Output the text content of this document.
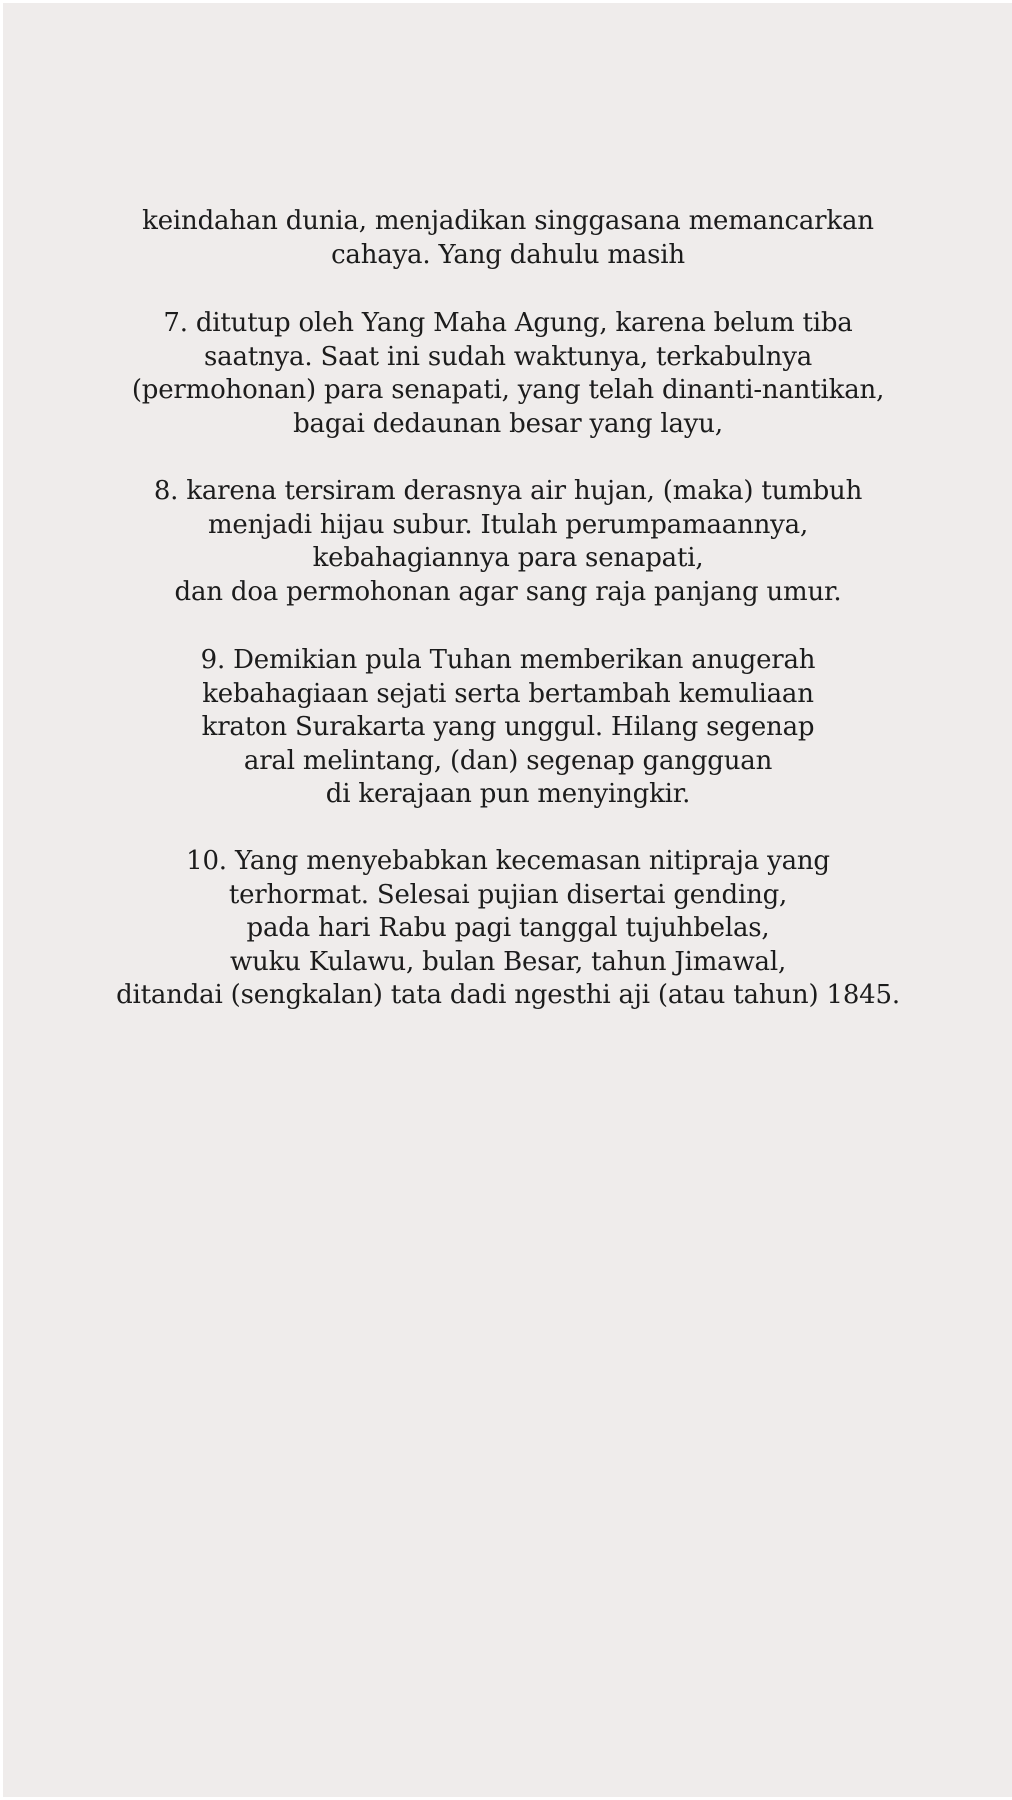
keindahan dunia, menjadikan singgasana memancarkan
cahaya. Yang dahulu masih

7. ditutup oleh Yang Maha Agung, karena belum tiba
saatnya. Saat ini sudah waktunya, terkabulnya
(permohonan) para senapati, yang telah dinanti-nantikan,
bagai dedaunan besar yang layu,

8. karena tersiram derasnya air hujan, (maka) tumbuh
menjadi hijau subur. Itulah perumpamaannya,
kebahagiannya para senapati,
dan doa permohonan agar sang raja panjang umur.

9. Demikian pula Tuhan memberikan anugerah
kebahagiaan sejati serta bertambah kemuliaan
kraton Surakarta yang unggul. Hilang segenap
aral melintang, (dan) segenap gangguan
di kerajaan pun menyingkir.

10. Yang menyebabkan kecemasan nitipraja yang
terhormat. Selesai pujian disertai gending,
pada hari Rabu pagi tanggal tujuhbelas,
wuku Kulawu, bulan Besar, tahun Jimawal,
ditandai (sengkalan) tata dadi ngesthi aji (atau tahun) 1845.
